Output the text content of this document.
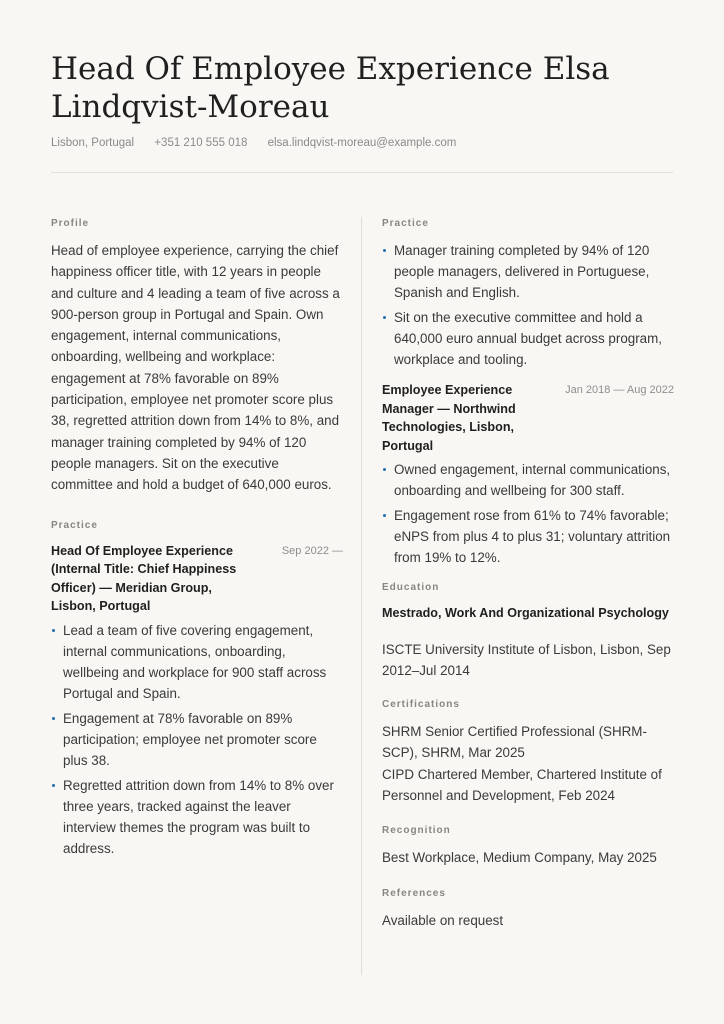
Head Of Employee Experience Elsa Lindqvist-Moreau
Lisbon, Portugal +351 210 555 018 elsa.lindqvist-moreau@example.com
Profile

Head of employee experience, carrying the chief happiness officer title, with 12 years in people and culture and 4 leading a team of five across a 900-person group in Portugal and Spain. Own engagement, internal communications, onboarding, wellbeing and workplace: engagement at 78% favorable on 89% participation, employee net promoter score plus 38, regretted attrition down from 14% to 8%, and manager training completed by 94% of 120 people managers. Sit on the executive committee and hold a budget of 640,000 euros.

Practice
Head Of Employee Experience (Internal Title: Chief Happiness Officer) — Meridian Group, Lisbon, Portugal
Sep 2022 —
Lead a team of five covering engagement, internal communications, onboarding, wellbeing and workplace for 900 staff across Portugal and Spain.
Engagement at 78% favorable on 89% participation; employee net promoter score plus 38.
Regretted attrition down from 14% to 8% over three years, tracked against the leaver interview themes the program was built to address.
Practice
Manager training completed by 94% of 120 people managers, delivered in Portuguese, Spanish and English.
Sit on the executive committee and hold a 640,000 euro annual budget across program, workplace and tooling.
Employee Experience Manager — Northwind Technologies, Lisbon, Portugal
Jan 2018 — Aug 2022
Owned engagement, internal communications, onboarding and wellbeing for 300 staff.
Engagement rose from 61% to 74% favorable; eNPS from plus 4 to plus 31; voluntary attrition from 19% to 12%.
Education
Mestrado, Work And Organizational Psychology
ISCTE University Institute of Lisbon, Lisbon, Sep 2012–Jul 2014
Certifications
SHRM Senior Certified Professional (SHRM-SCP), SHRM, Mar 2025
CIPD Chartered Member, Chartered Institute of Personnel and Development, Feb 2024
Recognition
Best Workplace, Medium Company, May 2025
References
Available on request
